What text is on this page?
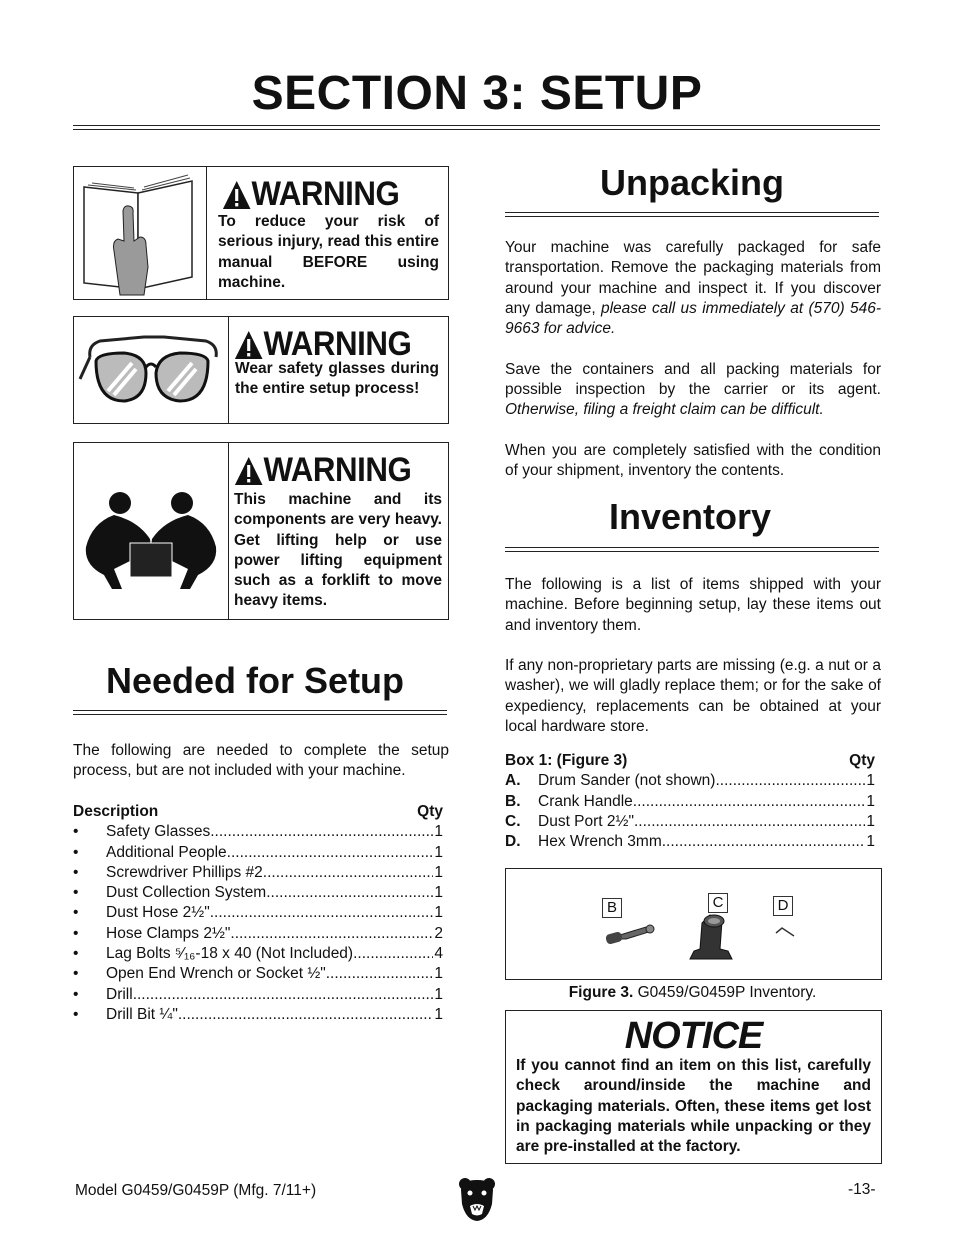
SECTION 3: SETUP
WARNING
To reduce your risk of serious injury, read this entire manual BEFORE using machine.
WARNING
Wear safety glasses during the entire setup process!
WARNING
This machine and its components are very heavy. Get lifting help or use power lifting equipment such as a forklift to move heavy items.
Needed for Setup
The following are needed to complete the setup process, but are not included with your machine.
Description	Qty
•	Safety Glasses .....	1
•	Additional People .....	1
•	Screwdriver Phillips #2 .....	1
•	Dust Collection System .....	1
•	Dust Hose 2½" .....	1
•	Hose Clamps 2½" .....	2
•	Lag Bolts ⁵⁄₁₆-18 x 40 (Not Included) .....	4
•	Open End Wrench or Socket ½" .....	1
•	Drill .....	1
•	Drill Bit ¼" .....	1
Unpacking

Your machine was carefully packaged for safe transportation. Remove the packaging materials from around your machine and inspect it. If you discover any damage, please call us immediately at (570) 546-9663 for advice.

Save the containers and all packing materials for possible inspection by the carrier or its agent. Otherwise, filing a freight claim can be difficult.

When you are completely satisfied with the condition of your shipment, inventory the contents.

Inventory

The following is a list of items shipped with your machine. Before beginning setup, lay these items out and inventory them.

If any non-proprietary parts are missing (e.g. a nut or a washer), we will gladly replace them; or for the sake of expediency, replacements can be obtained at your local hardware store.

Box 1: (Figure 3)	Qty
A.	Drum Sander (not shown) .....	1
B.	Crank Handle .....	1
C.	Dust Port 2½" .....	1
D.	Hex Wrench 3mm .....	1
B	C	D
Figure 3. G0459/G0459P Inventory.
NOTICE
If you cannot find an item on this list, carefully check around/inside the machine and packaging materials. Often, these items get lost in packaging materials while unpacking or they are pre-installed at the factory.
Model G0459/G0459P (Mfg. 7/11+)	-13-
